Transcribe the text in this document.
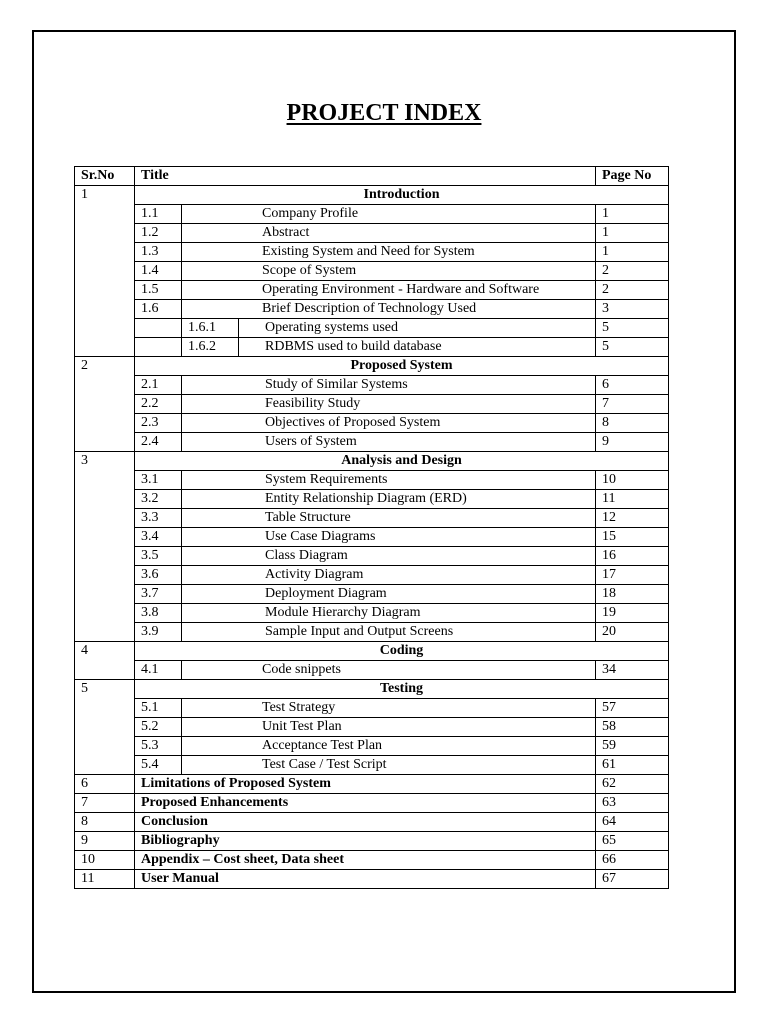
PROJECT INDEX
Sr.No	Title		Page No
1	Introduction		
	1.1	Company Profile	1
	1.2	Abstract	1
	1.3	Existing System and Need for System	1
	1.4	Scope of System	2
	1.5	Operating Environment - Hardware and Software	2
	1.6	Brief Description of Technology Used	3

		1.6.1 Operating systems used	5

		1.6.2 RDBMS used to build database	5
2	Proposed System		
	2.1	Study of Similar Systems	6
	2.2	Feasibility Study	7
	2.3	Objectives of Proposed System	8
	2.4	Users of System	9
3	Analysis and Design		
	3.1	System Requirements	10
	3.2	Entity Relationship Diagram (ERD)	11
	3.3	Table Structure	12
	3.4	Use Case Diagrams	15
	3.5	Class Diagram	16
	3.6	Activity Diagram	17
	3.7	Deployment Diagram	18
	3.8	Module Hierarchy Diagram	19
	3.9	Sample Input and Output Screens	20
4	Coding		
	4.1	Code snippets	34
5	Testing		
	5.1	Test Strategy	57
	5.2	Unit Test Plan	58
	5.3	Acceptance Test Plan	59
	5.4	Test Case / Test Script	61
6	Limitations of Proposed System		62
7	Proposed Enhancements		63
8	Conclusion		64
9	Bibliography		65
10	Appendix – Cost sheet, Data sheet		66
11	User Manual		67
